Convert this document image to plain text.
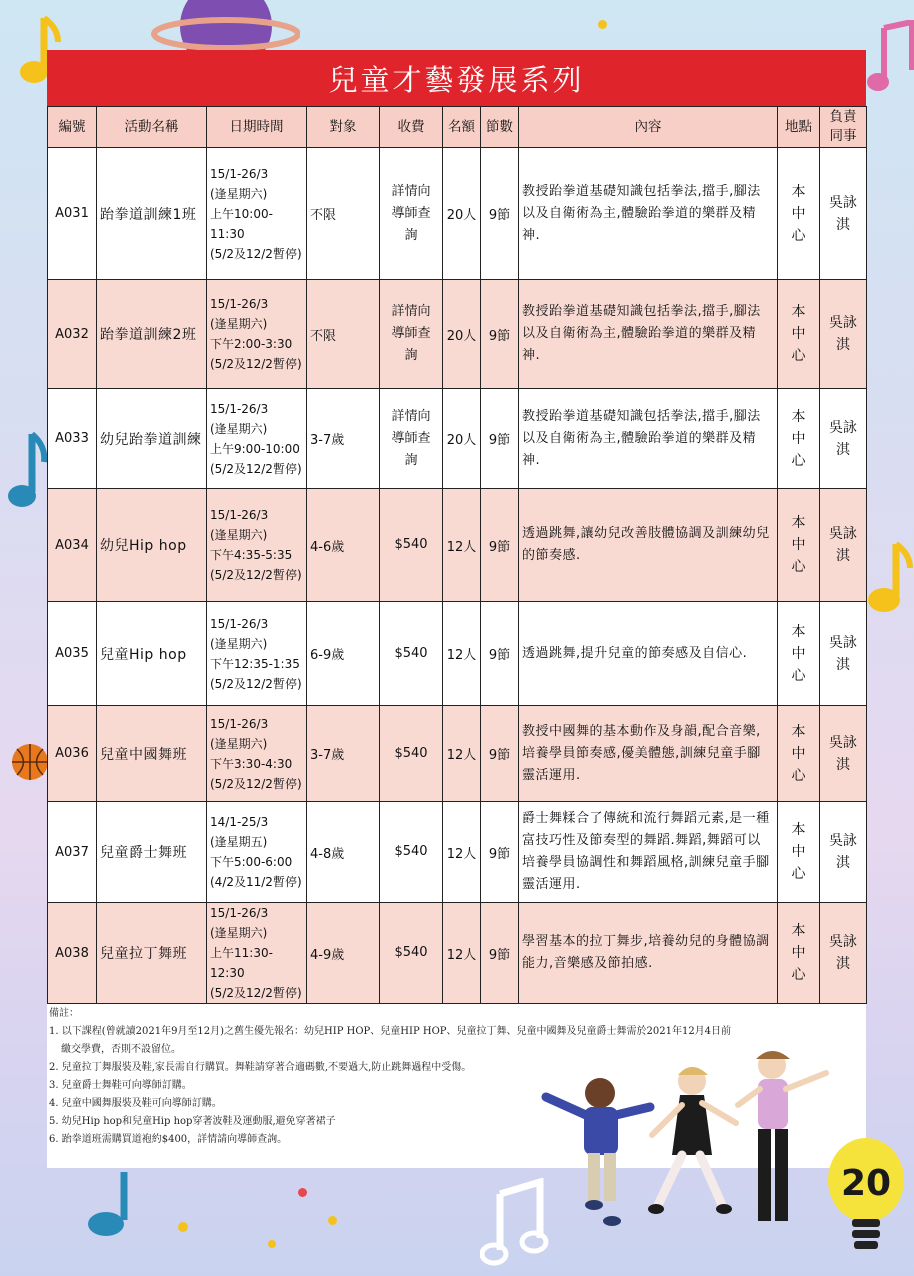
兒童才藝發展系列
編號	活動名稱	日期時間	對象	收費	名額	節數	內容	地點	負責
同事
A031	跆拳道訓練1班	15/1-26/3
(逢星期六)
上午10:00-11:30
(5/2及12/2暫停)	不限	詳情向
導師查
詢	20人	9節	教授跆拳道基礎知識包括拳法,擋手,腳法以及自衛術為主,體驗跆拳道的樂群及精神.	本
中
心	吳詠
淇
A032	跆拳道訓練2班	15/1-26/3
(逢星期六)
下午2:00-3:30
(5/2及12/2暫停)	不限	詳情向
導師查
詢	20人	9節	教授跆拳道基礎知識包括拳法,擋手,腳法以及自衛術為主,體驗跆拳道的樂群及精神.	本
中
心	吳詠
淇
A033	幼兒跆拳道訓練	15/1-26/3
(逢星期六)
上午9:00-10:00
(5/2及12/2暫停)	3-7歲	詳情向
導師查
詢	20人	9節	教授跆拳道基礎知識包括拳法,擋手,腳法以及自衛術為主,體驗跆拳道的樂群及精神.	本
中
心	吳詠
淇
A034	幼兒Hip hop	15/1-26/3
(逢星期六)
下午4:35-5:35
(5/2及12/2暫停)	4-6歲	$540	12人	9節	透過跳舞,讓幼兒改善肢體協調及訓練幼兒的節奏感.	本
中
心	吳詠
淇
A035	兒童Hip hop	15/1-26/3
(逢星期六)
下午12:35-1:35
(5/2及12/2暫停)	6-9歲	$540	12人	9節	透過跳舞,提升兒童的節奏感及自信心.	本
中
心	吳詠
淇
A036	兒童中國舞班	15/1-26/3
(逢星期六)
下午3:30-4:30
(5/2及12/2暫停)	3-7歲	$540	12人	9節	教授中國舞的基本動作及身韻,配合音樂,培養學員節奏感,優美體態,訓練兒童手腳靈活運用.	本
中
心	吳詠
淇
A037	兒童爵士舞班	14/1-25/3
(逢星期五)
下午5:00-6:00
(4/2及11/2暫停)	4-8歲	$540	12人	9節	爵士舞糅合了傳統和流行舞蹈元素,是一種富技巧性及節奏型的舞蹈.舞蹈,舞蹈可以培養學員協調性和舞蹈風格,訓練兒童手腳靈活運用.	本
中
心	吳詠
淇
A038	兒童拉丁舞班	15/1-26/3
(逢星期六)
上午11:30-12:30
(5/2及12/2暫停)	4-9歲	$540	12人	9節	學習基本的拉丁舞步,培養幼兒的身體協調能力,音樂感及節拍感.	本
中
心	吳詠
淇

備註：

1. 以下課程(曾就讀2021年9月至12月)之舊生優先報名：幼兒HIP HOP、兒童HIP HOP、兒童拉丁舞、兒童中國舞及兒童爵士舞需於2021年12月4日前

繳交學費，否則不設留位。

2. 兒童拉丁舞服裝及鞋,家長需自行購買。舞鞋請穿著合適碼數,不要過大,防止跳舞過程中受傷。

3. 兒童爵士舞鞋可向導師訂購。

4. 兒童中國舞服裝及鞋可向導師訂購。

5. 幼兒Hip hop和兒童Hip hop穿著波鞋及運動服,避免穿著裙子

6. 跆拳道班需購買道袍約$400，詳情請向導師查詢。

20
